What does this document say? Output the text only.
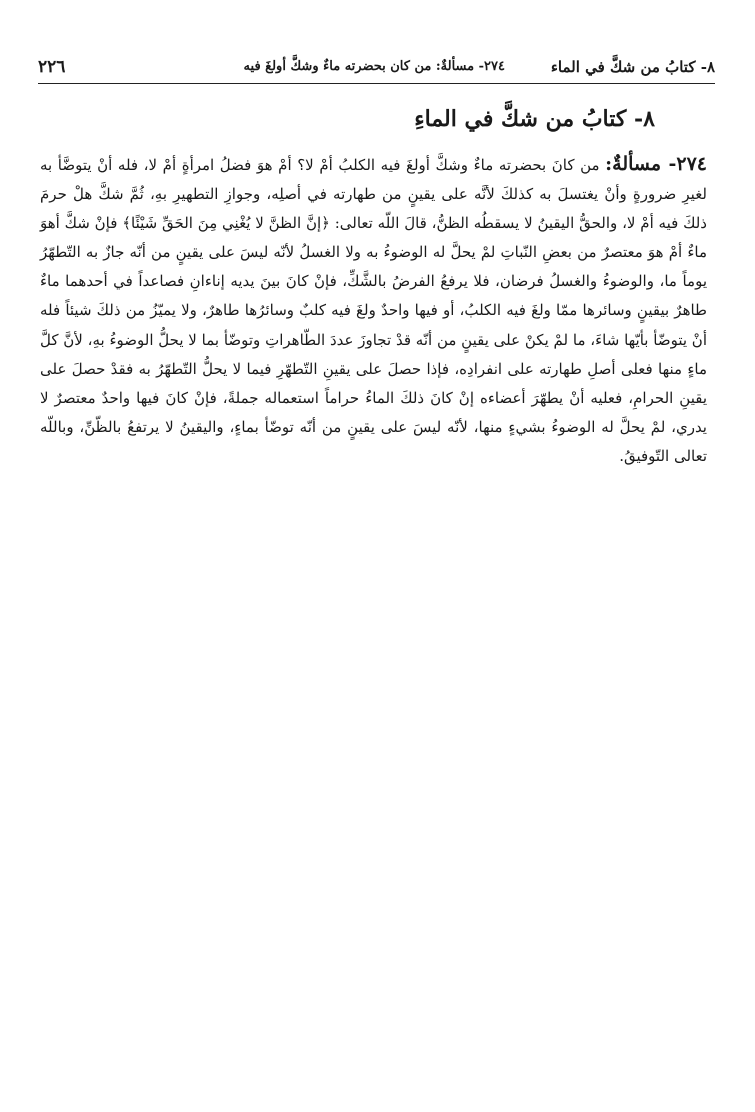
٨- كتابُ من شكَّ في الماء
٢٧٤- مسألةٌ: من كان بحضرته ماءٌ وشكَّ أولغَ فيه
٢٢٦
٨- كتابُ من شكَّ في الماءِ
٢٧٤- مسألةٌ: من كانَ بحضرته ماءٌ وشكَّ أولغَ فيه الكلبُ أمْ لا؟ أمْ هوَ فضلُ امرأةٍ أمْ لا، فله أنْ يتوضَّأ به لغيرِ ضرورةٍ وأنْ يغتسلَ به كذلكَ لأنَّه على يقينٍ من طهارته في أصلِه، وجوازِ التطهيرِ بهِ، ثُمَّ شكَّ هلْ حرمَ ذلكَ فيه أمْ لا، والحقُّ اليقينُ لا يسقطُه الظنُّ، قالَ اللّه تعالى: ﴿إنَّ الظنَّ لا يُغْنِي مِنَ الحَقِّ شَيْئًا﴾ فإنْ شكَّ أهوَ ماءٌ أمْ هوَ معتصرٌ من بعضِ النّباتِ لمْ يحلَّ له الوضوءُ به ولا الغسلُ لأنّه ليسَ على يقينٍ من أنّه جازٌ به التّطهّرُ يوماً ما، والوضوءُ والغسلُ فرضان، فلا يرفعُ الفرضُ بالشَّكِّ، فإنْ كانَ بينَ يديه إناءانِ فصاعداً في أحدهما ماءٌ طاهرٌ بيقينٍ وسائرها ممّا ولغَ فيه الكلبُ، أو فيها واحدٌ ولغَ فيه كلبٌ وسائرُها طاهرٌ، ولا يميّزُ من ذلكَ شيئاً فله أنْ يتوضّأ بأيّها شاءَ، ما لمْ يكنْ على يقينٍ من أنّه قدْ تجاوزَ عددَ الطّاهراتِ وتوضّأ بما لا يحلُّ الوضوءُ بهِ، لأنَّ كلَّ ماءٍ منها فعلى أصلِ طهارته على انفرادِه، فإذا حصلَ على يقينِ التّطهّرِ فيما لا يحلُّ التّطهّرُ به فقدْ حصلَ على يقينِ الحرامِ، فعليه أنْ يطهّرَ أعضاءه إنْ كانَ ذلكَ الماءُ حراماً استعماله جملةً، فإنْ كانَ فيها واحدٌ معتصرٌ لا يدري، لمْ يحلَّ له الوضوءُ بشيءٍ منها، لأنّه ليسَ على يقينٍ من أنّه توضّأ بماءٍ، واليقينُ لا يرتفعُ بالظّنِّ، وباللّه تعالى التّوفيقُ.
